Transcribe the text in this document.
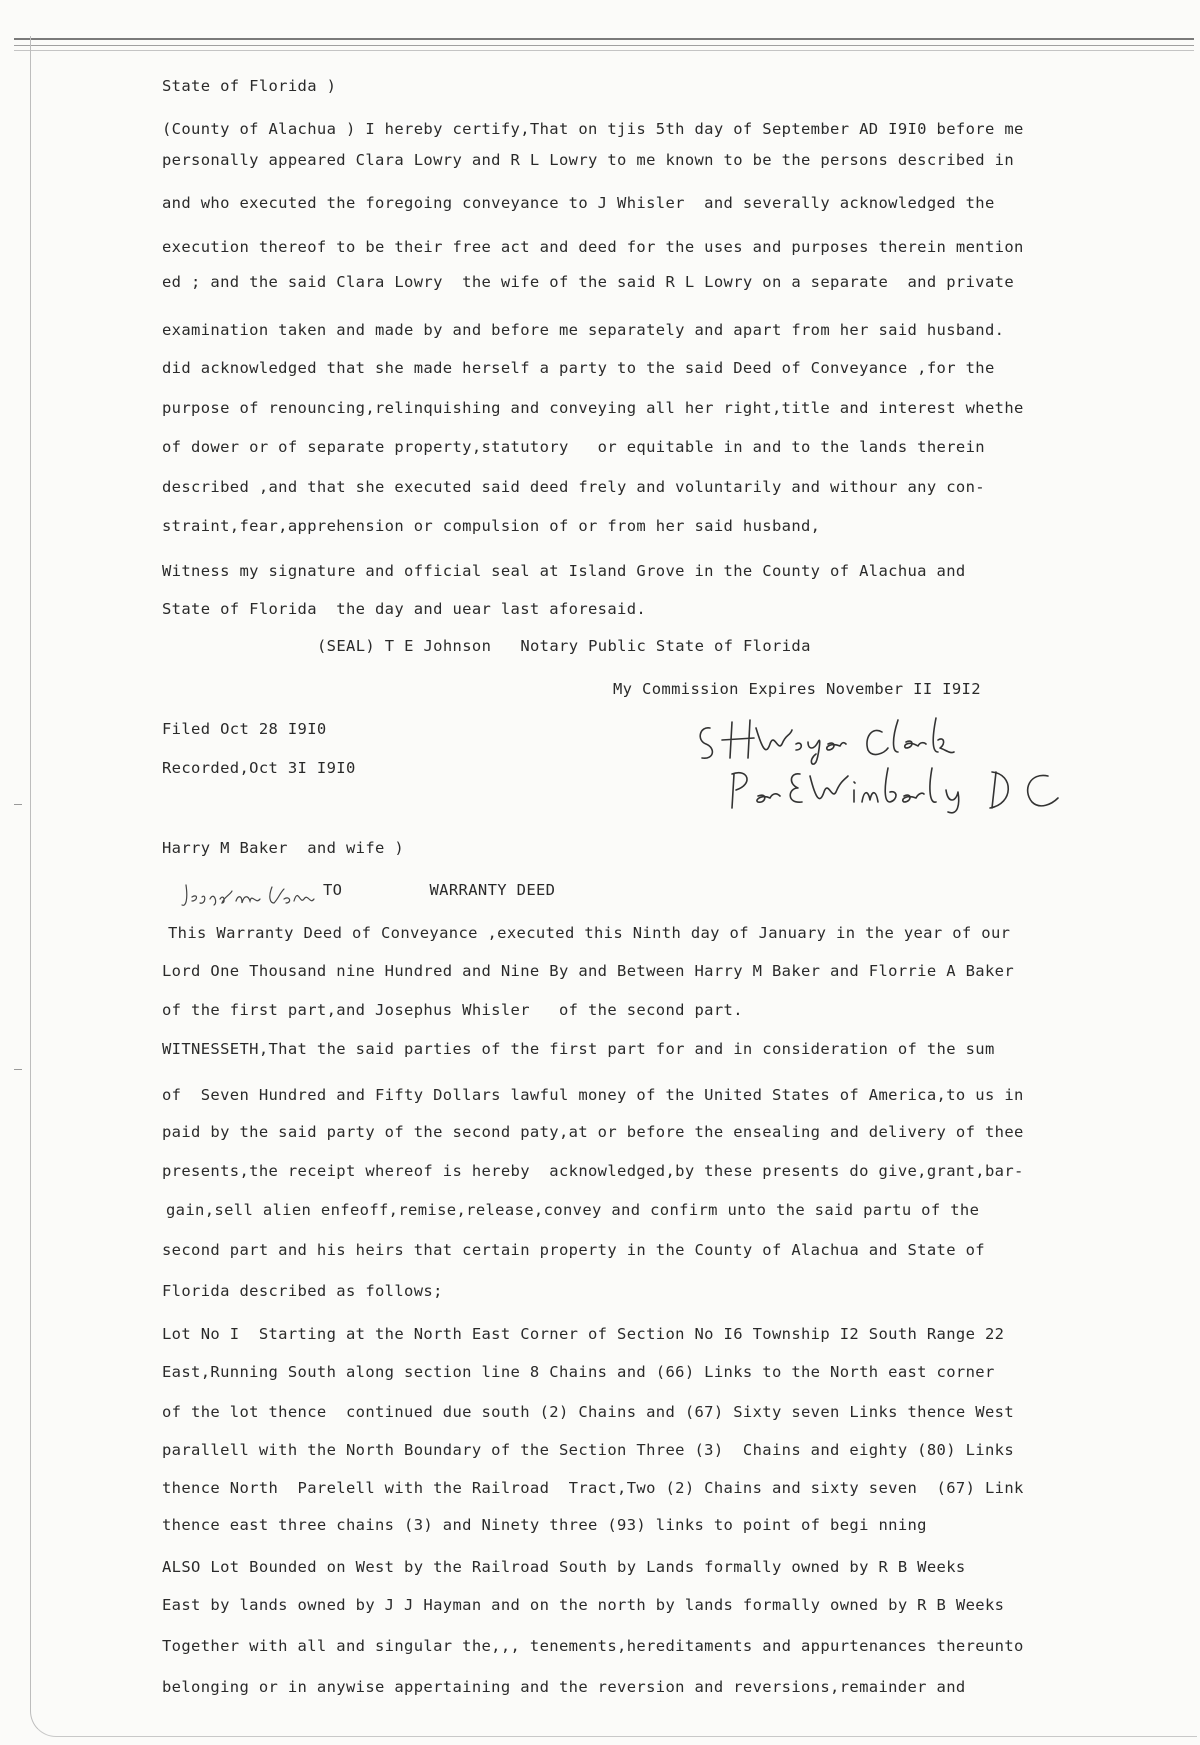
State of Florida )
(County of Alachua ) I hereby certify,That on tjis 5th day of September AD I9I0 before me
personally appeared Clara Lowry and R L Lowry to me known to be the persons described in
and who executed the foregoing conveyance to J Whisler  and severally acknowledged the
execution thereof to be their free act and deed for the uses and purposes therein mention
ed ; and the said Clara Lowry  the wife of the said R L Lowry on a separate  and private
examination taken and made by and before me separately and apart from her said husband.
did acknowledged that she made herself a party to the said Deed of Conveyance ,for the
purpose of renouncing,relinquishing and conveying all her right,title and interest whethe
of dower or of separate property,statutory   or equitable in and to the lands therein
described ,and that she executed said deed frely and voluntarily and withour any con-
straint,fear,apprehension or compulsion of or from her said husband,
Witness my signature and official seal at Island Grove in the County of Alachua and
State of Florida  the day and uear last aforesaid.
(SEAL) T E Johnson   Notary Public State of Florida
My Commission Expires November II I9I2
Filed Oct 28 I9I0
Recorded,Oct 3I I9I0
Harry M Baker  and wife )
TO         WARRANTY DEED
This Warranty Deed of Conveyance ,executed this Ninth day of January in the year of our
Lord One Thousand nine Hundred and Nine By and Between Harry M Baker and Florrie A Baker
of the first part,and Josephus Whisler   of the second part.
WITNESSETH,That the said parties of the first part for and in consideration of the sum
of  Seven Hundred and Fifty Dollars lawful money of the United States of America,to us in
paid by the said party of the second paty,at or before the ensealing and delivery of thee
presents,the receipt whereof is hereby  acknowledged,by these presents do give,grant,bar-
gain,sell alien enfeoff,remise,release,convey and confirm unto the said partu of the
second part and his heirs that certain property in the County of Alachua and State of
Florida described as follows;
Lot No I  Starting at the North East Corner of Section No I6 Township I2 South Range 22
East,Running South along section line 8 Chains and (66) Links to the North east corner
of the lot thence  continued due south (2) Chains and (67) Sixty seven Links thence West
parallell with the North Boundary of the Section Three (3)  Chains and eighty (80) Links
thence North  Parelell with the Railroad  Tract,Two (2) Chains and sixty seven  (67) Link
thence east three chains (3) and Ninety three (93) links to point of begi nning
ALSO Lot Bounded on West by the Railroad South by Lands formally owned by R B Weeks
East by lands owned by J J Hayman and on the north by lands formally owned by R B Weeks
Together with all and singular the,,, tenements,hereditaments and appurtenances thereunto
belonging or in anywise appertaining and the reversion and reversions,remainder and
